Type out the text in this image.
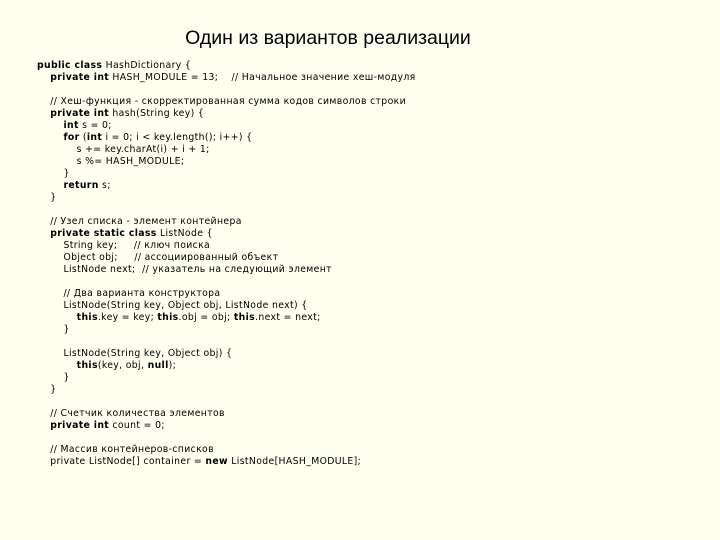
Один из вариантов реализации
public class HashDictionary {
private int HASH_MODULE = 13;    // Начальное значение хеш-модуля
// Хеш-функция - скорректированная сумма кодов символов строки
private int hash(String key) {
int s = 0;
for (int i = 0; i < key.length(); i++) {
s += key.charAt(i) + i + 1;
s %= HASH_MODULE;
}
return s;
}
// Узел списка - элемент контейнера
private static class ListNode {
String key;     // ключ поиска
Object obj;     // ассоциированный объект
ListNode next;  // указатель на следующий элемент
// Два варианта конструктора
ListNode(String key, Object obj, ListNode next) {
this.key = key; this.obj = obj; this.next = next;
}
ListNode(String key, Object obj) {
this(key, obj, null);
}
}
// Счетчик количества элементов
private int count = 0;
// Массив контейнеров-списков
private ListNode[] container = new ListNode[HASH_MODULE];
